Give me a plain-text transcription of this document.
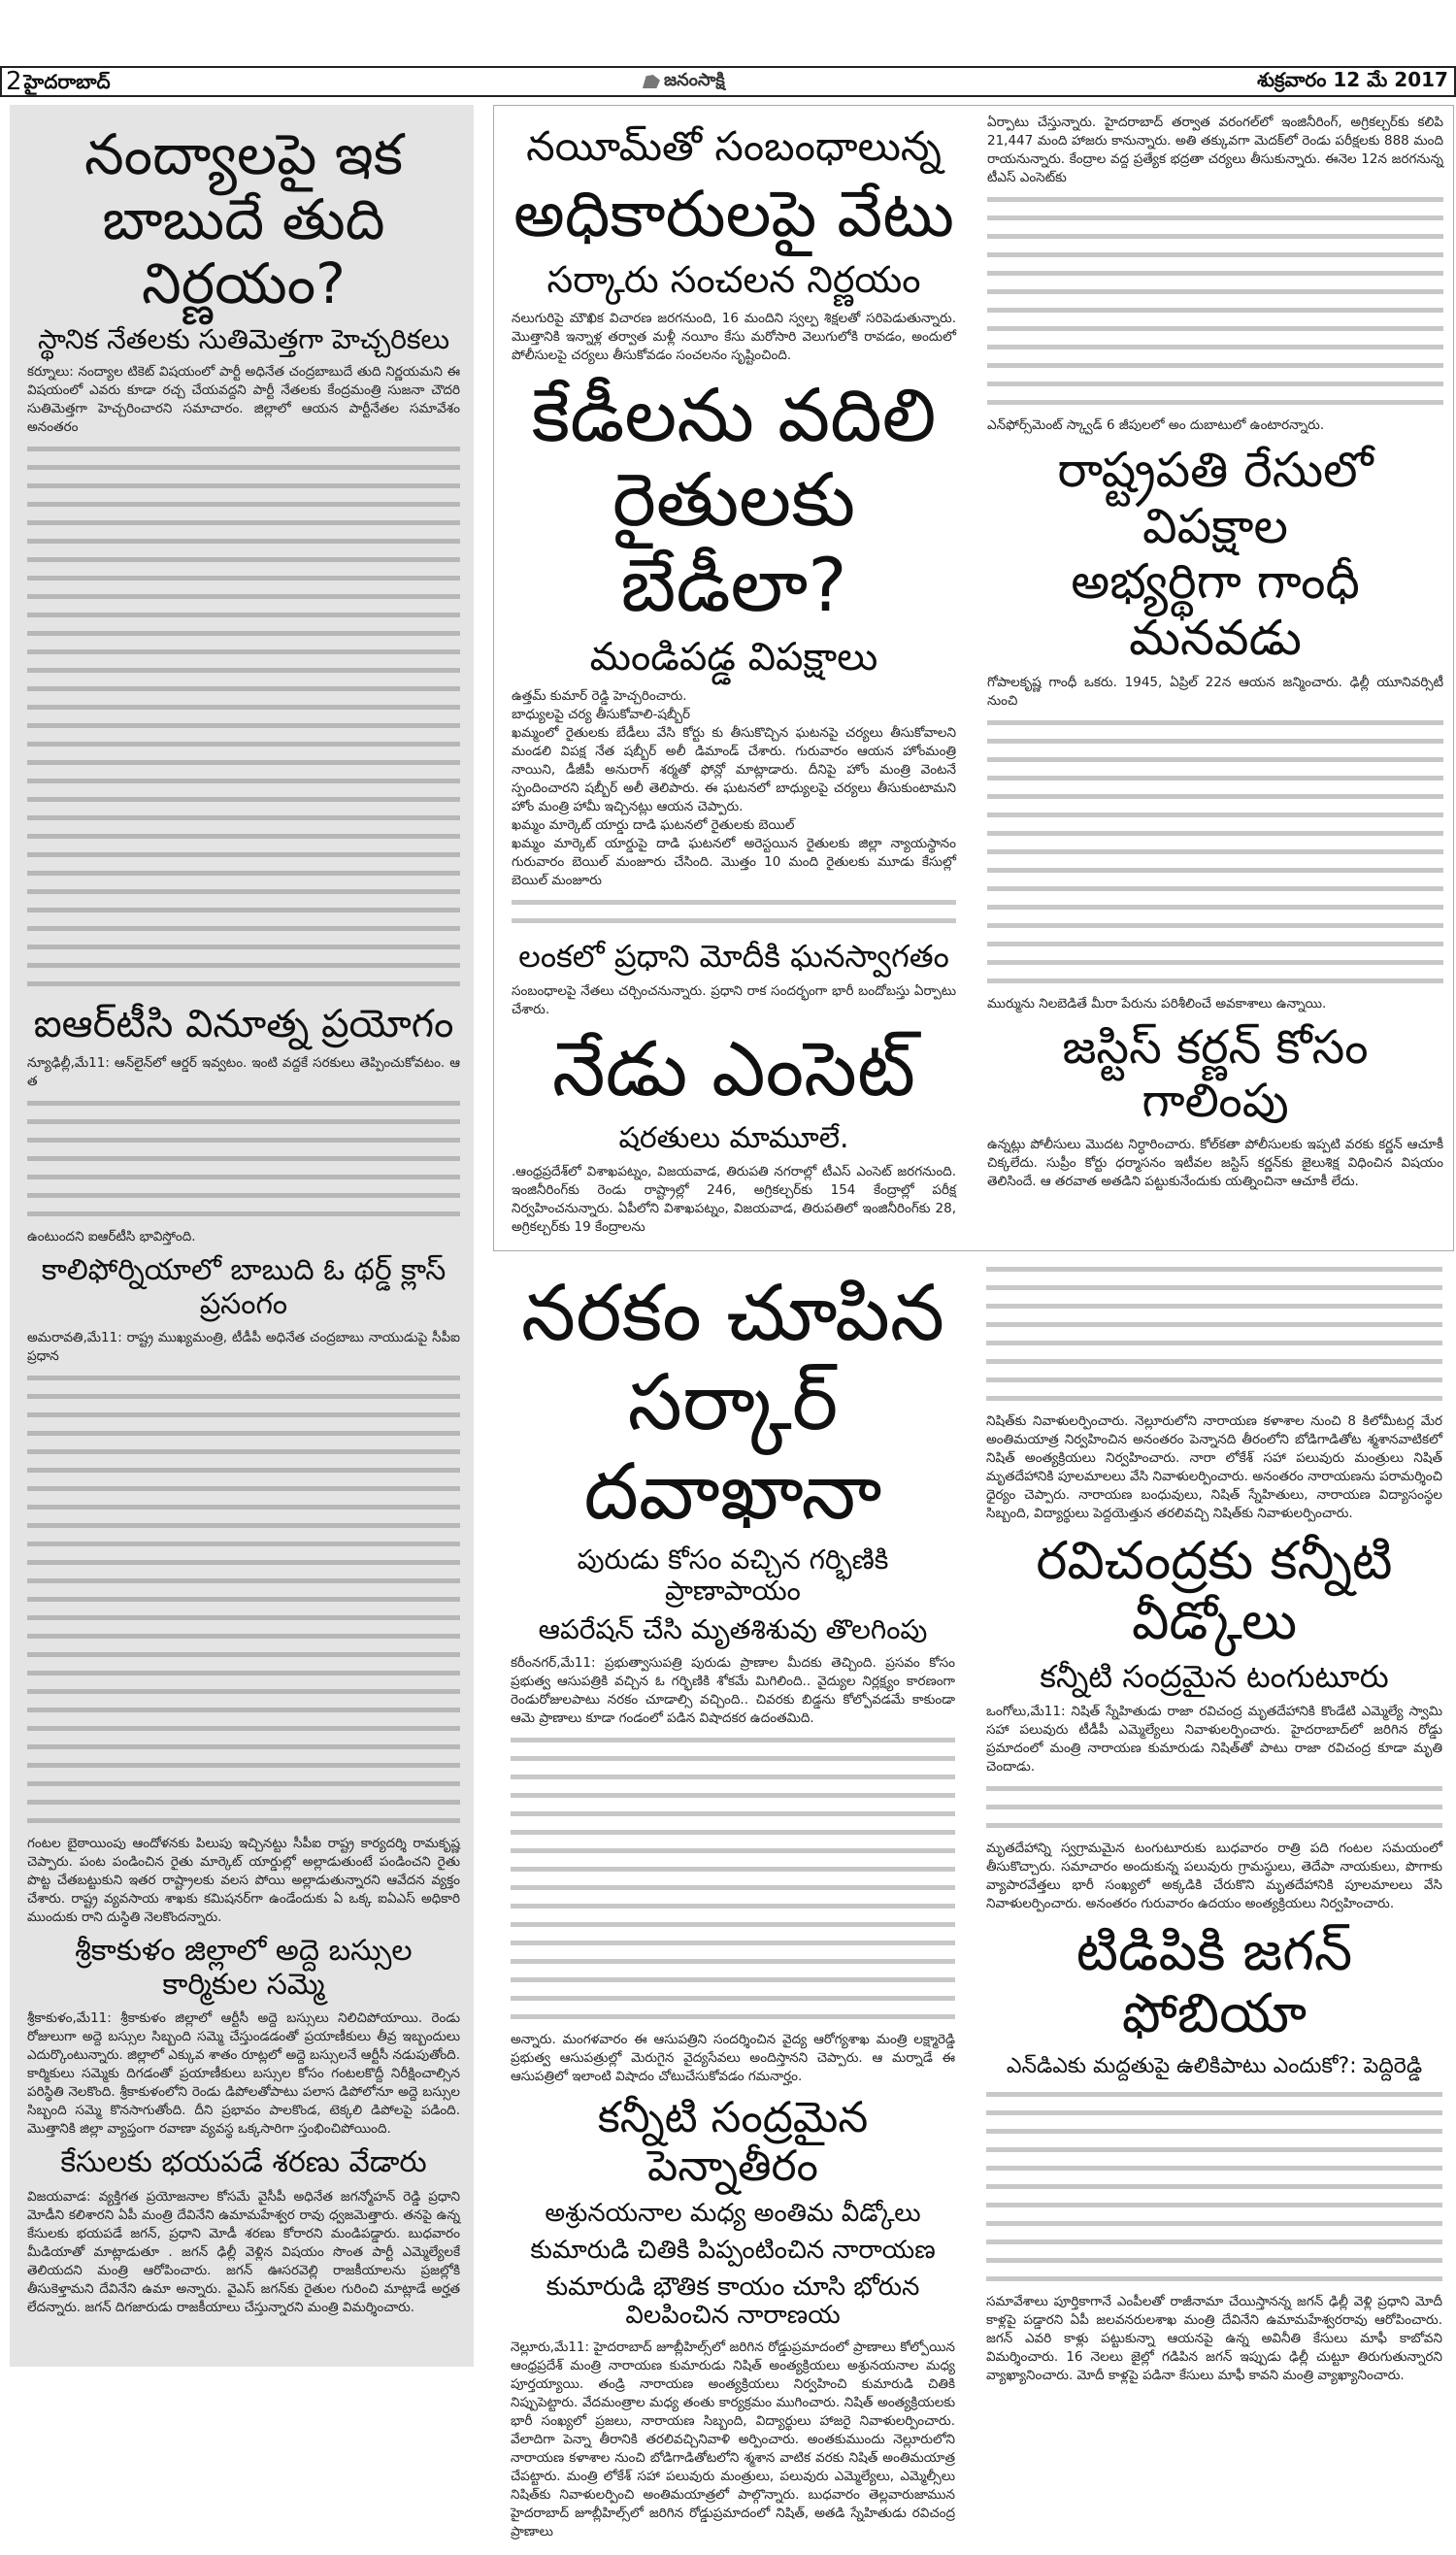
2 హైదరాబాద్	జనంసాక్షి	శుక్రవారం 12 మే 2017
నంద్యాలపై ఇక
బాబుదే తుది నిర్ణయం?
స్థానిక నేతలకు సుతిమెత్తగా హెచ్చరికలు
కర్నూలు: నంద్యాల టికెట్ విషయంలో పార్టీ అధినేత చంద్రబాబుదే తుది నిర్ణయమని ఈ విషయంలో ఎవరు కూడా రచ్చ చేయవద్దని పార్టీ నేతలకు కేంద్రమంత్రి సుజనా చౌదరి సుతిమెత్తగా హెచ్చరించారని సమాచారం. జిల్లాలో ఆయన పార్టీనేతల సమావేశం అనంతరం
ఐఆర్‌టీసి వినూత్న ప్రయోగం
న్యూఢిల్లీ,మే11: ఆన్‌లైన్‌లో ఆర్డర్ ఇవ్వటం. ఇంటి వద్దకే సరకులు తెప్పించుకోవటం. ఆ త
ఉంటుందని ఐఆర్‌టీసి భావిస్తోంది.
కాలిఫోర్నియాలో బాబుది ఓ థర్డ్ క్లాస్ ప్రసంగం
అమరావతి,మే11: రాష్ట్ర ముఖ్యమంత్రి, టీడీపీ అధినేత చంద్రబాబు నాయుడుపై సీపీఐ ప్రధాన
గంటల బైఠాయింపు ఆందోళనకు పిలుపు ఇచ్చినట్టు సీపీఐ రాష్ట్ర కార్యదర్శి రామకృష్ణ చెప్పారు. పంట పండించిన రైతు మార్కెట్ యార్డుల్లో అల్లాడుతుంటే పండించని రైతు పొట్ట చేతబట్టుకుని ఇతర రాష్ట్రాలకు వలస పోయి అల్లాడుతున్నారని ఆవేదన వ్యక్తం చేశారు. రాష్ట్ర వ్యవసాయ శాఖకు కమిషనర్‌గా ఉండేందుకు ఏ ఒక్క ఐఏఎస్ అధికారి ముందుకు రాని దుస్థితి నెలకొందన్నారు.
శ్రీకాకుళం జిల్లాలో అద్దె బస్సుల కార్మికుల సమ్మె
శ్రీకాకుళం,మే11: శ్రీకాకుళం జిల్లాలో ఆర్టీసీ అద్దె బస్సులు నిలిచిపోయాయి. రెండు రోజులుగా అద్దె బస్సుల సిబ్బంది సమ్మె చేస్తుండడంతో ప్రయాణీకులు తీవ్ర ఇబ్బందులు ఎదుర్కొంటున్నారు. జిల్లాలో ఎక్కువ శాతం రూట్లలో అద్దె బస్సులనే ఆర్టీసీ నడుపుతోంది. కార్మికులు సమ్మెకు దిగడంతో ప్రయాణీకులు బస్సుల కోసం గంటలకొద్దీ నిరీక్షించాల్సిన పరిస్థితి నెలకొంది. శ్రీకాకుళంలోని రెండు డిపోలతోపాటు పలాస డిపోలోనూ అద్దె బస్సుల సిబ్బంది సమ్మె కొనసాగుతోంది. దీని ప్రభావం పాలకొండ, టెక్కలి డిపోలపై పడింది. మొత్తానికి జిల్లా వ్యాప్తంగా రవాణా వ్యవస్థ ఒక్కసారిగా స్తంభించిపోయింది.
కేసులకు భయపడే శరణు వేడారు
విజయవాడ: వ్యక్తిగత ప్రయోజనాల కోసమే వైసీపీ అధినేత జగన్మోహన్ రెడ్డి ప్రధాని మోడీని కలిశారని ఏపీ మంత్రి దేవినేని ఉమామహేశ్వర రావు ధ్వజమెత్తారు. తనపై ఉన్న కేసులకు భయపడే జగన్, ప్రధాని మోడీ శరణు కోరారని మండిపడ్డారు. బుధవారం మీడియాతో మాట్లాడుతూ . జగన్ ఢిల్లీ వెళ్లిన విషయం సొంత పార్టీ ఎమ్మెల్యేలకే తెలియదని మంత్రి ఆరోపించారు. జగన్ ఊసరవెల్లి రాజకీయాలను ప్రజల్లోకి తీసుకెళ్తామని దేవినేని ఉమా అన్నారు. వైఎస్ జగన్‌కు రైతుల గురించి మాట్లాడే అర్హత లేదన్నారు. జగన్ దిగజారుడు రాజకీయాలు చేస్తున్నారని మంత్రి విమర్శించారు.
నయీమ్‌తో సంబంధాలున్న
అధికారులపై వేటు
సర్కారు సంచలన నిర్ణయం
నలుగురిపై మౌఖిక విచారణ జరగనుంది, 16 మందిని స్వల్ప శిక్షలతో సరిపెడుతున్నారు. మొత్తానికి ఇన్నాళ్ల తర్వాత మళ్లీ నయీం కేసు మరోసారి వెలుగులోకి రావడం, అందులో పోలీసులపై చర్యలు తీసుకోవడం సంచలనం సృష్టించింది.
కేడీలను వదిలి
రైతులకు బేడీలా?
మండిపడ్డ విపక్షాలు

ఉత్తమ్ కుమార్ రెడ్డి హెచ్చరించారు.

బాధ్యులపై చర్య తీసుకోవాలి-షబ్బీర్

ఖమ్మంలో రైతులకు బేడీలు వేసి కోర్టు కు తీసుకొచ్చిన ఘటనపై చర్యలు తీసుకోవాలని మండలి విపక్ష నేత షబ్బీర్ అలీ డిమాండ్ చేశారు. గురువారం ఆయన హోంమంత్రి నాయిని, డీజీపీ అనురాగ్ శర్మతో ఫోన్లో మాట్లాడారు. దీనిపై హోం మంత్రి వెంటనే స్పందించారని షబ్బీర్ అలీ తెలిపారు. ఈ ఘటనలో బాధ్యులపై చర్యలు తీసుకుంటామని హోం మంత్రి హామీ ఇచ్చినట్లు ఆయన చెప్పారు.

ఖమ్మం మార్కెట్ యార్డు దాడి ఘటనలో రైతులకు బెయిల్

ఖమ్మం మార్కెట్ యార్డుపై దాడి ఘటనలో అరెస్టయిన రైతులకు జిల్లా న్యాయస్థానం గురువారం బెయిల్ మంజూరు చేసింది. మొత్తం 10 మంది రైతులకు మూడు కేసుల్లో బెయిల్ మంజూరు

లంకలో ప్రధాని మోదీకి ఘనస్వాగతం
సంబంధాలపై నేతలు చర్చించనున్నారు. ప్రధాని రాక సందర్భంగా భారీ బందోబస్తు ఏర్పాటు చేశారు.
నేడు ఎంసెట్
షరతులు మామూలే.
.ఆంధ్రప్రదేశ్‌లో విశాఖపట్నం, విజయవాడ, తిరుపతి నగరాల్లో టీఎస్ ఎంసెట్ జరగనుంది. ఇంజినీరింగ్‌కు రెండు రాష్ట్రాల్లో 246, అగ్రికల్చర్‌కు 154 కేంద్రాల్లో పరీక్ష నిర్వహించనున్నారు. ఏపీలోని విశాఖపట్నం, విజయవాడ, తిరుపతిలో ఇంజినీరింగ్‌కు 28, అగ్రికల్చర్‌కు 19 కేంద్రాలను
ఏర్పాటు చేస్తున్నారు. హైదరాబాద్ తర్వాత వరంగల్‌లో ఇంజినీరింగ్, అగ్రికల్చర్‌కు కలిపి 21,447 మంది హాజరు కానున్నారు. అతి తక్కువగా మెదక్‌లో రెండు పరీక్షలకు 888 మంది రాయనున్నారు. కేంద్రాల వద్ద ప్రత్యేక భద్రతా చర్యలు తీసుకున్నారు. ఈనెల 12న జరగనున్న టీఎస్ ఎంసెట్‌కు
ఎన్‌ఫోర్స్‌మెంట్ స్క్వాడ్ 6 జీపులలో అం దుబాటులో ఉంటారన్నారు.
రాష్ట్రపతి రేసులో విపక్షాల
అభ్యర్థిగా గాంధీ మనవడు
గోపాలకృష్ణ గాంధీ ఒకరు. 1945, ఏప్రిల్ 22న ఆయన జన్మించారు. ఢిల్లీ యూనివర్సిటీ నుంచి
ముర్మును నిలబెడితే మీరా పేరును పరిశీలించే అవకాశాలు ఉన్నాయి.
జస్టిస్ కర్ణన్ కోసం గాలింపు
ఉన్నట్లు పోలీసులు మొదట నిర్ధారించారు. కోల్‌కతా పోలీసులకు ఇప్పటి వరకు కర్ణన్ ఆచూకీ చిక్కలేదు. సుప్రీం కోర్టు ధర్మాసనం ఇటీవల జస్టిస్ కర్ణన్‌కు జైలుశిక్ష విధించిన విషయం తెలిసిందే. ఆ తరవాత అతడిని పట్టుకునేందుకు యత్నించినా ఆచూకీ లేదు.
నరకం చూపిన
సర్కార్ దవాఖానా
పురుడు కోసం వచ్చిన గర్భిణికి ప్రాణాపాయం
ఆపరేషన్ చేసి మృతశిశువు తొలగింపు
కరీంనగర్,మే11: ప్రభుత్వాసుపత్రి పురుడు ప్రాణాల మీదకు తెచ్చింది. ప్రసవం కోసం ప్రభుత్వ ఆసుపత్రికి వచ్చిన ఓ గర్భిణికి శోకమే మిగిలింది.. వైద్యుల నిర్లక్ష్యం కారణంగా రెండురోజులపాటు నరకం చూడాల్సి వచ్చింది.. చివరకు బిడ్డను కోల్పోవడమే కాకుండా ఆమె ప్రాణాలు కూడా గండంలో పడిన విషాదకర ఉదంతమిది.
అన్నారు. మంగళవారం ఈ ఆసుపత్రిని సందర్శించిన వైద్య ఆరోగ్యశాఖ మంత్రి లక్ష్మారెడ్డి ప్రభుత్వ ఆసుపత్రుల్లో మెరుగైన వైద్యసేవలు అందిస్తానని చెప్పారు. ఆ మర్నాడే ఈ ఆసుపత్రిలో ఇలాంటి విషాదం చోటుచేసుకోవడం గమనార్హం.
కన్నీటి సంద్రమైన పెన్నాతీరం
అశ్రునయనాల మధ్య అంతిమ వీడ్కోలు
కుమారుడి చితికి పిప్పంటించిన నారాయణ
కుమారుడి భౌతిక కాయం చూసి భోరున విలపించిన నారాణయ
నెల్లూరు,మే11: హైదరాబాద్ జూబ్లీహిల్స్‌లో జరిగిన రోడ్డుప్రమాదంలో ప్రాణాలు కోల్పోయిన ఆంధ్రప్రదేశ్ మంత్రి నారాయణ కుమారుడు నిషిత్ అంత్యక్రియలు అశ్రునయనాల మధ్య పూర్తయ్యాయి. తండ్రి నారాయణ అంత్యక్రియలు నిర్వహించి కుమారుడి చితికి నిప్పుపెట్టారు. వేదమంత్రాల మధ్య తంతు కార్యక్రమం ముగించారు. నిషిత్ అంత్యక్రియలకు భారీ సంఖ్యలో ప్రజలు, నారాయణ సిబ్బంది, విద్యార్థులు హాజరై నివాళులర్పించారు. వేలాదిగా పెన్నా తీరానికి తరలివచ్చినివాళి అర్పించారు. అంతకుముందు నెల్లూరులోని నారాయణ కళాశాల నుంచి బోడిగాడితోటలోని శ్మశాన వాటిక వరకు నిషిత్ అంతిమయాత్ర చేపట్టారు. మంత్రి లోకేశ్ సహా పలువురు మంత్రులు, పలువురు ఎమ్మెల్యేలు, ఎమ్మెల్సీలు నిషిత్‌కు నివాళులర్పించి అంతిమయాత్రలో పాల్గొన్నారు. బుధవారం తెల్లవారుజామున హైదరాబాద్ జూబ్లీహిల్స్‌లో జరిగిన రోడ్డుప్రమాదంలో నిషిత్, అతడి స్నేహితుడు రవిచంద్ర ప్రాణాలు
నిషిత్‌కు నివాళులర్పించారు. నెల్లూరులోని నారాయణ కళాశాల నుంచి 8 కిలోమీటర్ల మేర అంతిమయాత్ర నిర్వహించిన అనంతరం పెన్నానది తీరంలోని బోడిగాడితోట శ్మశానవాటికలో నిషిత్ అంత్యక్రియలు నిర్వహించారు. నారా లోకేశ్ సహా పలువురు మంత్రులు నిషిత్ మృతదేహానికి పూలమాలలు వేసి నివాళులర్పించారు. అనంతరం నారాయణను పరామర్శించి ధైర్యం చెప్పారు. నారాయణ బంధువులు, నిషిత్ స్నేహితులు, నారాయణ విద్యాసంస్థల సిబ్బంది, విద్యార్థులు పెద్దయెత్తున తరలివచ్చి నిషిత్‌కు నివాళులర్పించారు.
రవిచంద్రకు కన్నీటి వీడ్కోలు
కన్నీటి సంద్రమైన టంగుటూరు
ఒంగోలు,మే11: నిషిత్ స్నేహితుడు రాజా రవిచంద్ర మృతదేహానికి కొండేటి ఎమ్మెల్యే స్వామి సహా పలువురు టీడీపీ ఎమ్మెల్యేలు నివాళులర్పించారు. హైదరాబాద్‌లో జరిగిన రోడ్డు ప్రమాదంలో మంత్రి నారాయణ కుమారుడు నిషిత్‌తో పాటు రాజా రవిచంద్ర కూడా మృతి చెందాడు.
మృతదేహాన్ని స్వగ్రామమైన టంగుటూరుకు బుధవారం రాత్రి పది గంటల సమయంలో తీసుకొచ్చారు. సమాచారం అందుకున్న పలువురు గ్రామస్థులు, తెదేపా నాయకులు, పొగాకు వ్యాపారవేత్తలు భారీ సంఖ్యలో అక్కడికి చేరుకొని మృతదేహానికి పూలమాలలు వేసి నివాళులర్పించారు. అనంతరం గురువారం ఉదయం అంత్యక్రియలు నిర్వహించారు.
టిడిపికి జగన్ ఫోబియా
ఎన్‌డిఎకు మద్దతుపై ఉలికిపాటు ఎందుకో?: పెద్దిరెడ్డి
సమావేశాలు పూర్తికాగానే ఎంపీలతో రాజీనామా చేయిస్తానన్న జగన్ ఢిల్లీ వెళ్లి ప్రధాని మోదీ కాళ్లపై పడ్డారని ఏపీ జలవనరులశాఖ మంత్రి దేవినేని ఉమామహేశ్వరరావు ఆరోపించారు. జగన్ ఎవరి కాళ్లు పట్టుకున్నా ఆయనపై ఉన్న అవినీతి కేసులు మాఫీ కాబోవని విమర్శించారు. 16 నెలలు జైల్లో గడిపిన జగన్ ఇప్పుడు ఢిల్లీ చుట్టూ తిరుగుతున్నారని వ్యాఖ్యానించారు. మోదీ కాళ్లపై పడినా కేసులు మాఫీ కావని మంత్రి వ్యాఖ్యానించారు.
